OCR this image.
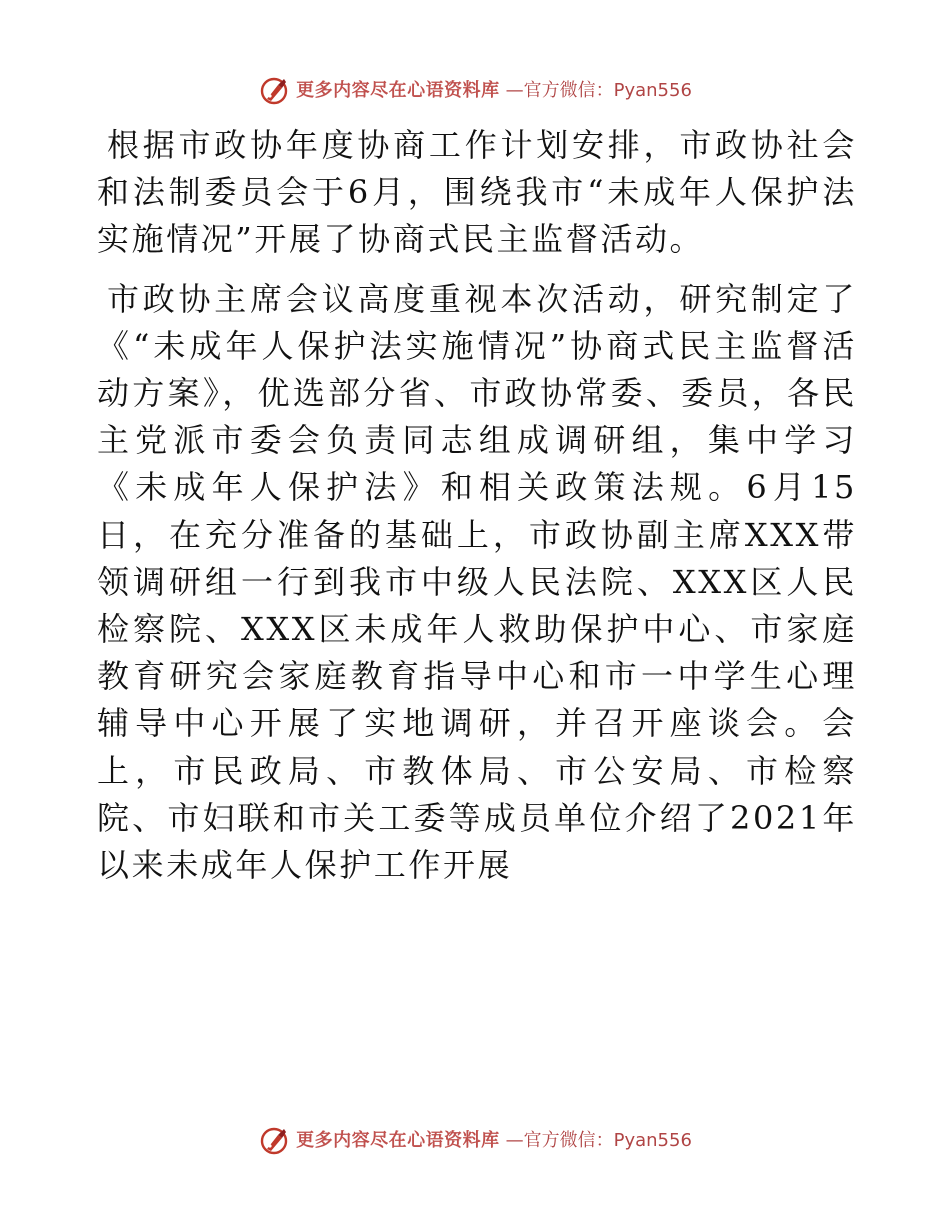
更多内容尽在心语资料库 —官方微信：Pyan556

根据市政协年度协商工作计划安排，市政协社会和法制委员会于6月，围绕我市“未成年人保护法实施情况”开展了协商式民主监督活动。

市政协主席会议高度重视本次活动，研究制定了《“未成年人保护法实施情况”协商式民主监督活动方案》，优选部分省、市政协常委、委员，各民主党派市委会负责同志组成调研组，集中学习《未成年人保护法》和相关政策法规。6月15日，在充分准备的基础上，市政协副主席XXX带领调研组一行到我市中级人民法院、XXX区人民检察院、XXX区未成年人救助保护中心、市家庭教育研究会家庭教育指导中心和市一中学生心理辅导中心开展了实地调研，并召开座谈会。会上，市民政局、市教体局、市公安局、市检察院、市妇联和市关工委等成员单位介绍了2021年以来未成年人保护工作开展

更多内容尽在心语资料库 —官方微信：Pyan556
